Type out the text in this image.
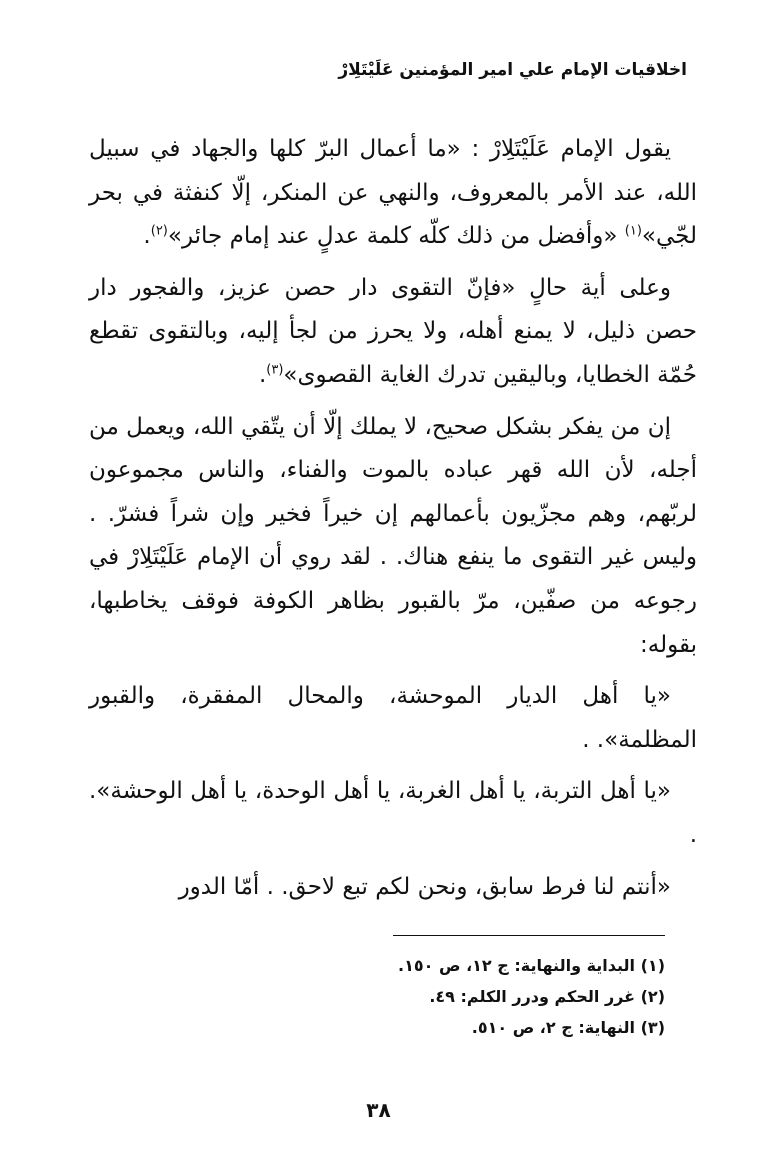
اخلاقيات الإمام علي امير المؤمنين عَلَيْتَلِارْ

يقول الإمام عَلَيْتَلِارْ : «ما أعمال البرّ كلها والجهاد في سبيل الله، عند الأمر بالمعروف، والنهي عن المنكر، إلّا كنفثة في بحر لجّي»$^{(١)}$ «وأفضل من ذلك كلّه كلمة عدلٍ عند إمام جائر»$^{(٢)}$.

وعلى أية حالٍ «فإنّ التقوى دار حصن عزيز، والفجور دار حصن ذليل، لا يمنع أهله، ولا يحرز من لجأ إليه، وبالتقوى تقطع حُمّة الخطايا، وباليقين تدرك الغاية القصوى»$^{(٣)}$.

إن من يفكر بشكل صحيح، لا يملك إلّا أن يتّقي الله، ويعمل من أجله، لأن الله قهر عباده بالموت والفناء، والناس مجموعون لربّهم، وهم مجزّيون بأعمالهم إن خيراً فخير وإن شراً فشرّ. . وليس غير التقوى ما ينفع هناك. . لقد روي أن الإمام عَلَيْتَلِارْ في رجوعه من صفّين، مرّ بالقبور بظاهر الكوفة فوقف يخاطبها، بقوله:

«يا أهل الديار الموحشة، والمحال المفقرة، والقبور المظلمة». .

«يا أهل التربة، يا أهل الغربة، يا أهل الوحدة، يا أهل الوحشة». .

«أنتم لنا فرط سابق، ونحن لكم تبع لاحق. . أمّا الدور

(١) البداية والنهاية: ج ١٢، ص ١٥٠.
(٢) غرر الحكم ودرر الكلم: ٤٩.
(٣) النهاية: ج ٢، ص ٥١٠.
٣٨
